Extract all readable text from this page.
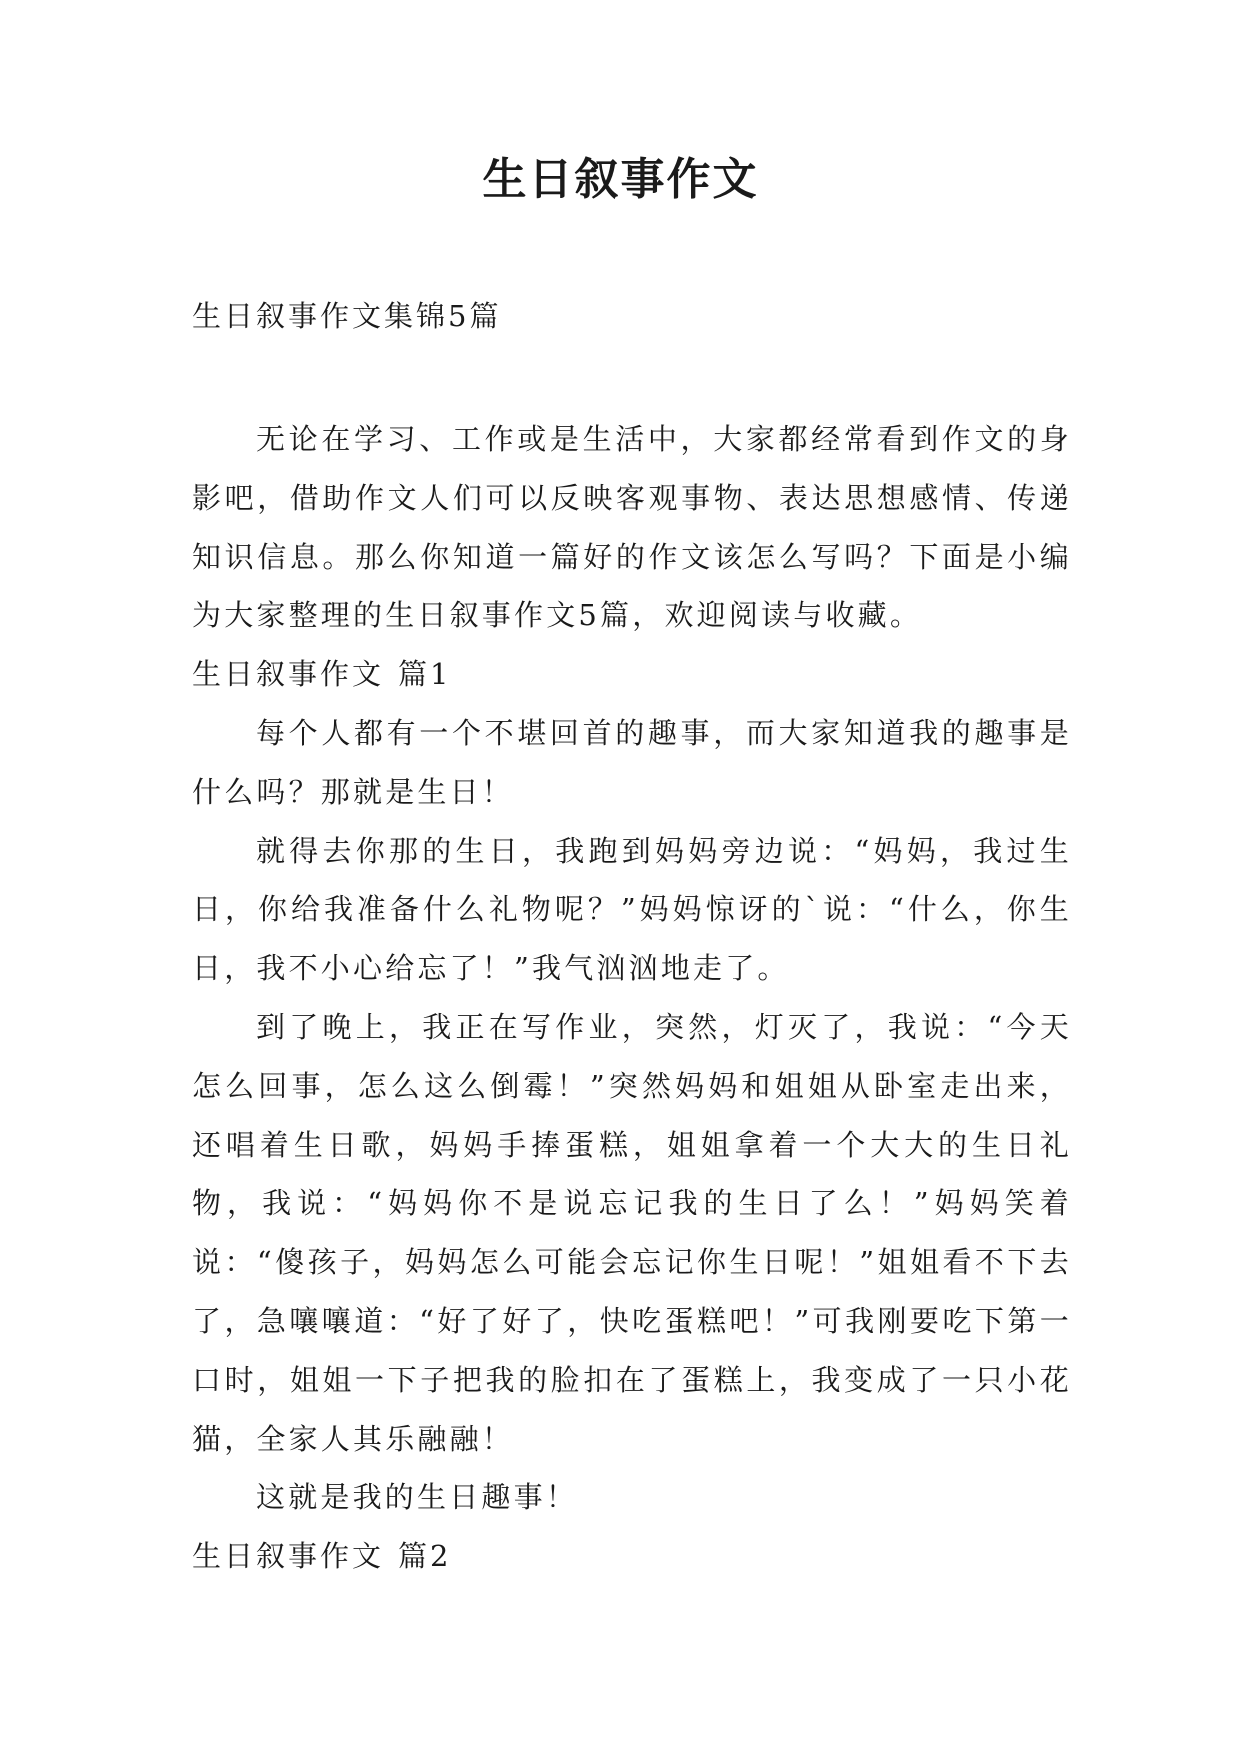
生日叙事作文
生日叙事作文集锦5篇

无论在学习、工作或是生活中，大家都经常看到作文的身影吧，借助作文人们可以反映客观事物、表达思想感情、传递知识信息。那么你知道一篇好的作文该怎么写吗？下面是小编为大家整理的生日叙事作文5篇，欢迎阅读与收藏。

生日叙事作文 篇1

每个人都有一个不堪回首的趣事，而大家知道我的趣事是什么吗？那就是生日！

就得去你那的生日，我跑到妈妈旁边说：“妈妈，我过生日，你给我准备什么礼物呢？”妈妈惊讶的`说：“什么，你生日，我不小心给忘了！”我气汹汹地走了。

到了晚上，我正在写作业，突然，灯灭了，我说：“今天怎么回事，怎么这么倒霉！”突然妈妈和姐姐从卧室走出来，还唱着生日歌，妈妈手捧蛋糕，姐姐拿着一个大大的生日礼物，我说：“妈妈你不是说忘记我的生日了么！”妈妈笑着说：“傻孩子，妈妈怎么可能会忘记你生日呢！”姐姐看不下去了，急嚷嚷道：“好了好了，快吃蛋糕吧！”可我刚要吃下第一口时，姐姐一下子把我的脸扣在了蛋糕上，我变成了一只小花猫，全家人其乐融融！

这就是我的生日趣事！

生日叙事作文 篇2
